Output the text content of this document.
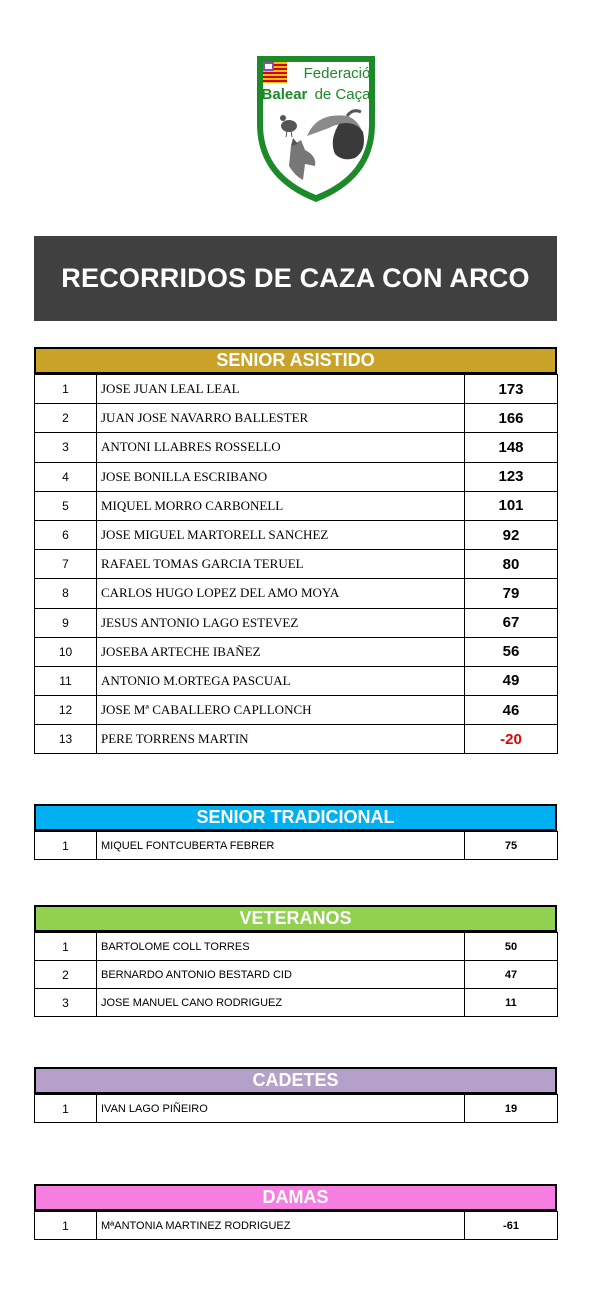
Federació
Balear de Caça
RECORRIDOS DE CAZA CON ARCO
SENIOR ASISTIDO
1	JOSE JUAN LEAL LEAL	173
2	JUAN JOSE NAVARRO BALLESTER	166
3	ANTONI LLABRES ROSSELLO	148
4	JOSE BONILLA ESCRIBANO	123
5	MIQUEL MORRO CARBONELL	101
6	JOSE MIGUEL MARTORELL SANCHEZ	92
7	RAFAEL TOMAS GARCIA TERUEL	80
8	CARLOS HUGO LOPEZ DEL AMO MOYA	79
9	JESUS ANTONIO LAGO ESTEVEZ	67
10	JOSEBA ARTECHE IBAÑEZ	56
11	ANTONIO M.ORTEGA PASCUAL	49
12	JOSE Mª CABALLERO CAPLLONCH	46
13	PERE TORRENS MARTIN	-20
SENIOR TRADICIONAL
1	MIQUEL FONTCUBERTA FEBRER	75
VETERANOS
1	BARTOLOME COLL TORRES	50
2	BERNARDO ANTONIO BESTARD CID	47
3	JOSE MANUEL CANO RODRIGUEZ	11
CADETES
1	IVAN LAGO PIÑEIRO	19
DAMAS
1	MªANTONIA MARTINEZ RODRIGUEZ	-61
